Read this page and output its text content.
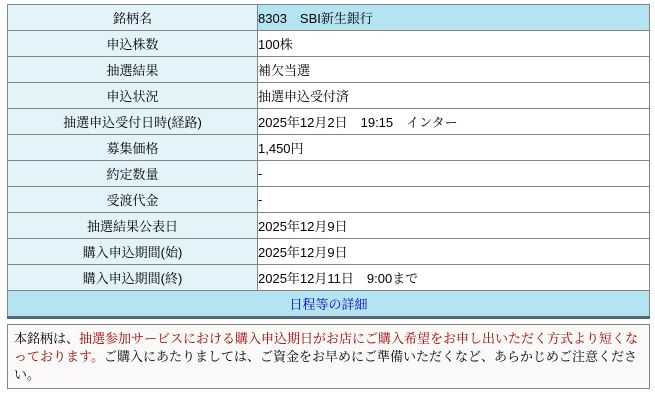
銘柄名	8303　SBI新生銀行
申込株数	100株
抽選結果	補欠当選
申込状況	抽選申込受付済
抽選申込受付日時(経路)	2025年12月2日　19:15　インター
募集価格	1,450円
約定数量	-
受渡代金	-
抽選結果公表日	2025年12月9日
購入申込期間(始)	2025年12月9日
購入申込期間(終)	2025年12月11日　9:00まで
日程等の詳細	
本銘柄は、抽選参加サービスにおける購入申込期日がお店にご購入希望をお申し出いただく方式より短くなっております。ご購入にあたりましては、ご資金をお早めにご準備いただくなど、あらかじめご注意ください。
